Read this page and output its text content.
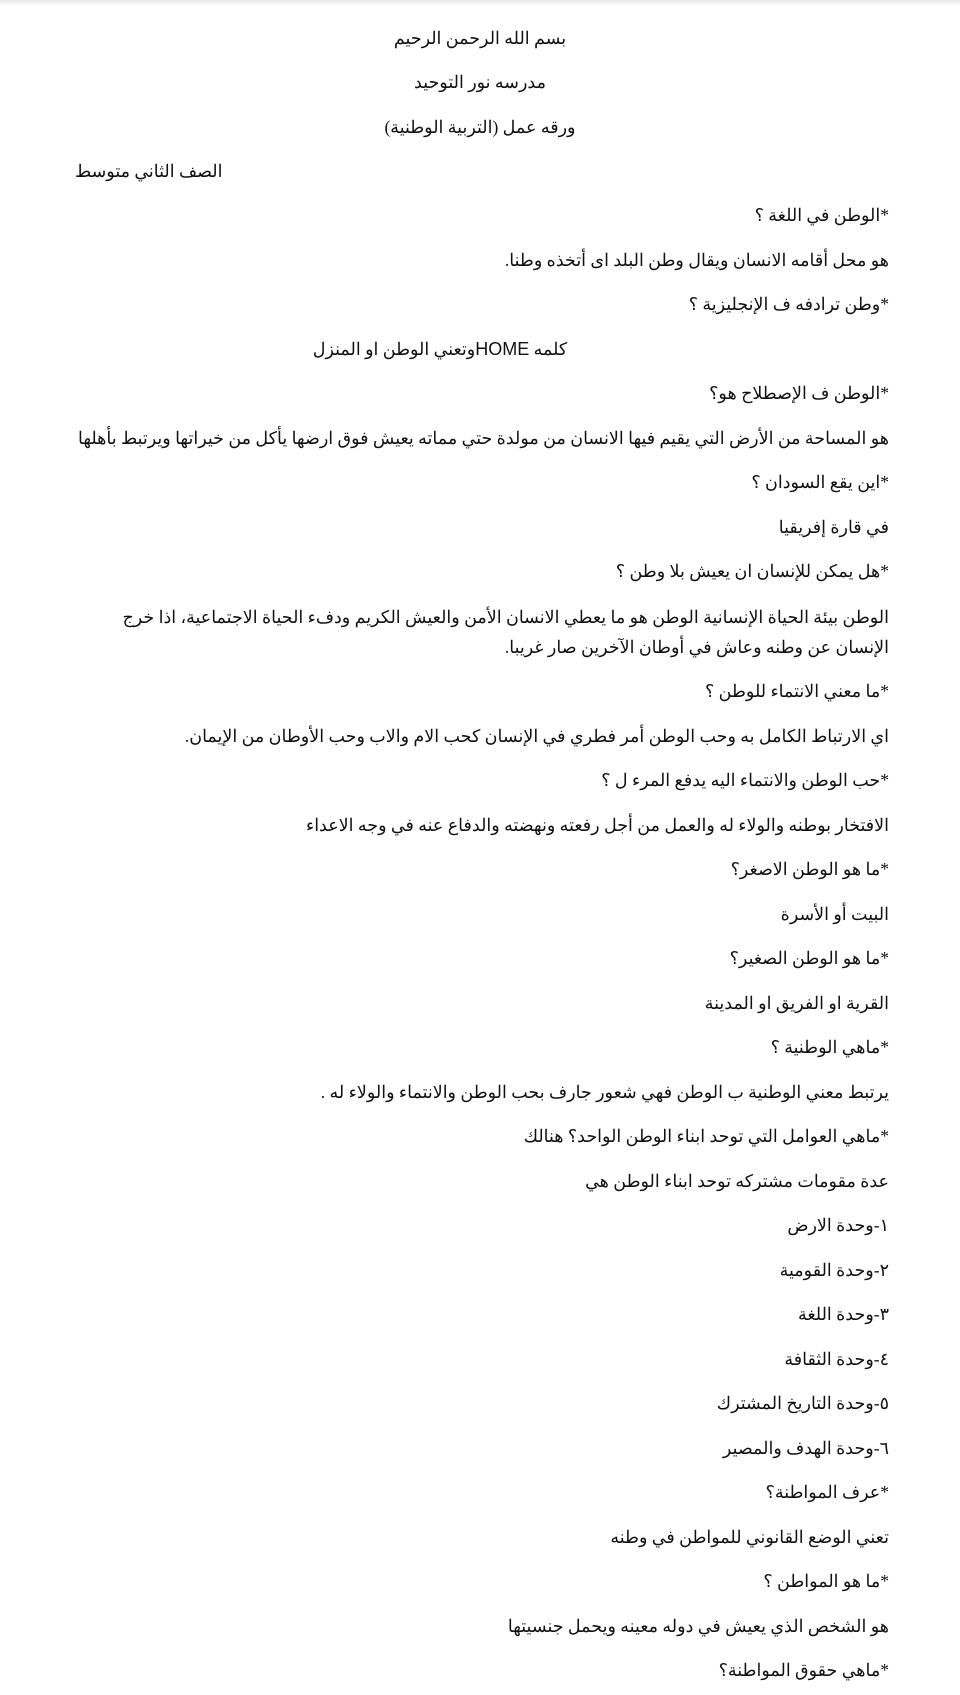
بسم الله الرحمن الرحيم
مدرسه نور التوحيد
ورقه عمل (التربية الوطنية)
الصف الثاني متوسط
*الوطن في اللغة ؟
هو محل أقامه الانسان ويقال وطن البلد اى أتخذه وطنا.
*وطن ترادفه ف الإنجليزية ؟
كلمه HOMEوتعني الوطن او المنزل
*الوطن ف الإصطلاح هو؟
هو المساحة من الأرض التي يقيم فيها الانسان من مولدة حتي مماته يعيش فوق ارضها يأكل من خيراتها ويرتبط بأهلها
*اين يقع السودان ؟
في قارة إفريقيا
*هل يمكن للإنسان ان يعيش بلا وطن ؟
الوطن بيئة الحياة الإنسانية الوطن هو ما يعطي الانسان الأمن والعيش الكريم ودفء الحياة الاجتماعية، اذا خرج الإنسان عن وطنه وعاش في أوطان الآخرين صار غريبا.
*ما معني الانتماء للوطن ؟
اي الارتباط الكامل به وحب الوطن أمر فطري في الإنسان كحب الام والاب وحب الأوطان من الإيمان.
*حب الوطن والانتماء اليه يدفع المرء ل ؟
الافتخار بوطنه والولاء له والعمل من أجل رفعته ونهضته والدفاع عنه في وجه الاعداء
*ما هو الوطن الاصغر؟
البيت أو الأسرة
*ما هو الوطن الصغير؟
القرية او الفريق او المدينة
*ماهي الوطنية ؟
يرتبط معني الوطنية ب الوطن فهي شعور جارف بحب الوطن والانتماء والولاء له .
*ماهي العوامل التي توحد ابناء الوطن الواحد؟ هنالك
عدة مقومات مشتركه توحد ابناء الوطن هي
١-وحدة الارض
٢-وحدة القومية
٣-وحدة اللغة
٤-وحدة الثقافة
٥-وحدة التاريخ المشترك
٦-وحدة الهدف والمصير
*عرف المواطنة؟
تعني الوضع القانوني للمواطن في وطنه
*ما هو المواطن ؟
هو الشخص الذي يعيش في دوله معينه ويحمل جنسيتها
*ماهي حقوق المواطنة؟
